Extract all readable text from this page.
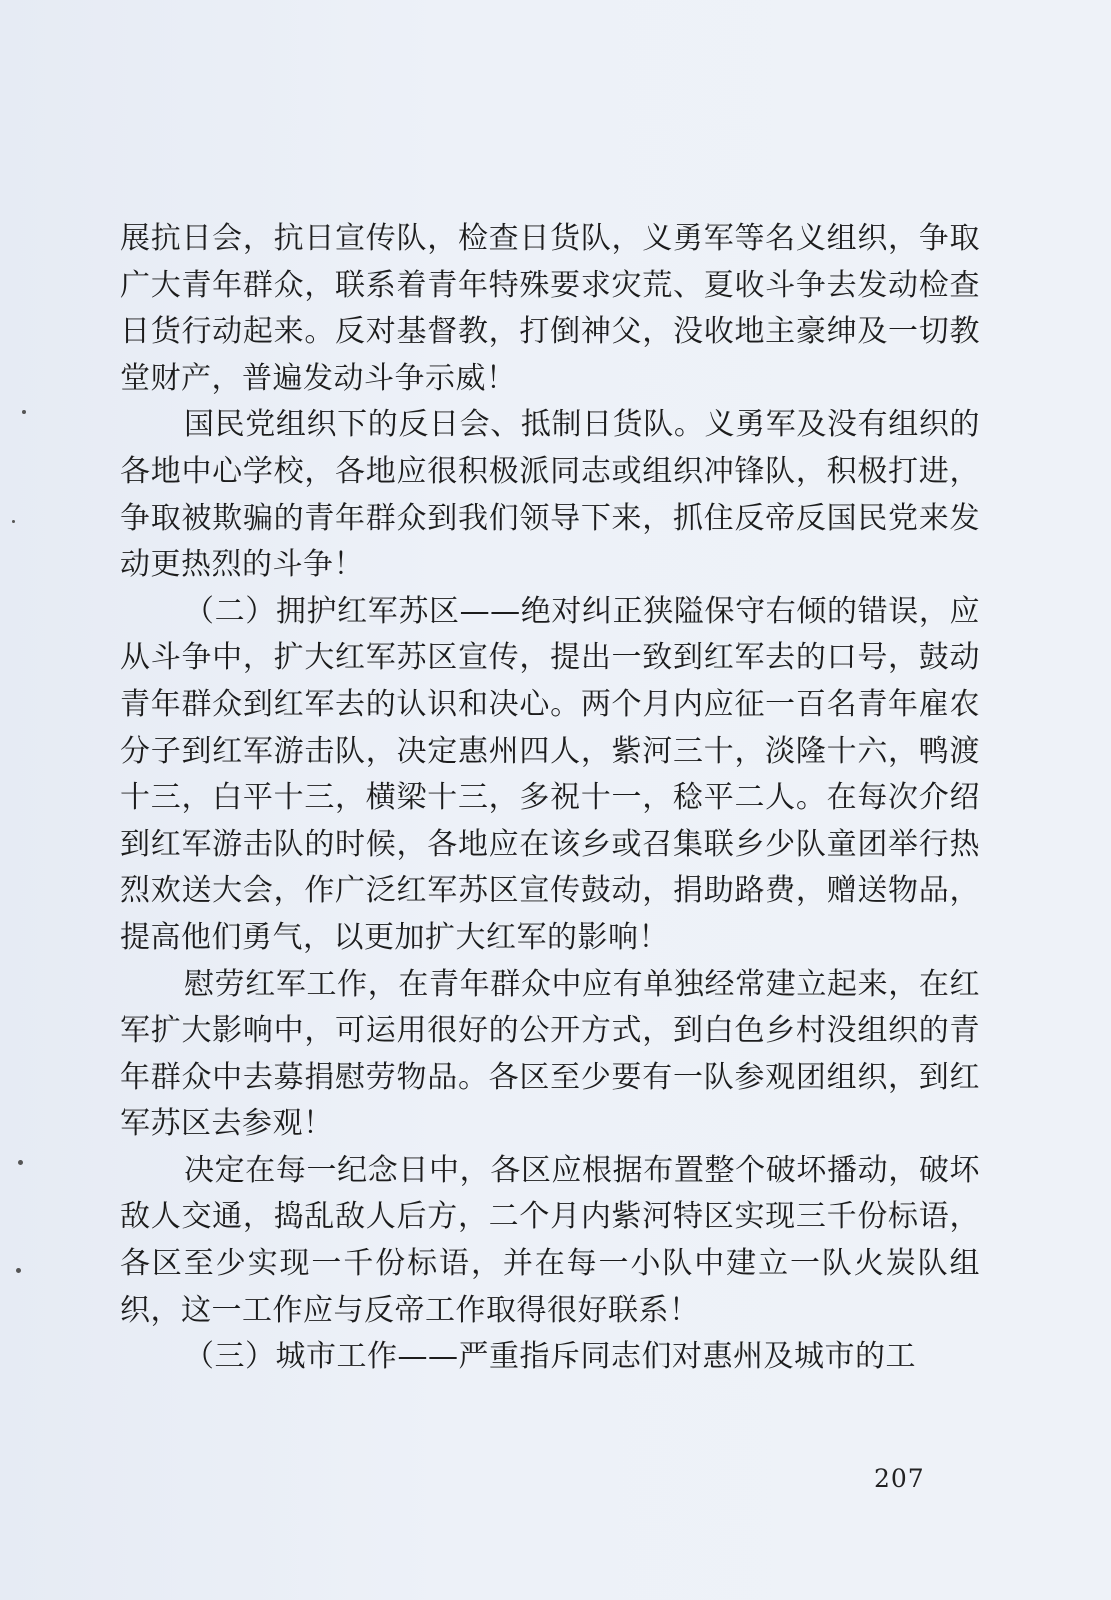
展抗日会，抗日宣传队，检查日货队，义勇军等名义组织，争取广大青年群众，联系着青年特殊要求灾荒、夏收斗争去发动检查日货行动起来。反对基督教，打倒神父，没收地主豪绅及一切教堂财产，普遍发动斗争示威！

国民党组织下的反日会、抵制日货队。义勇军及没有组织的各地中心学校，各地应很积极派同志或组织冲锋队，积极打进，争取被欺骗的青年群众到我们领导下来，抓住反帝反国民党来发动更热烈的斗争！

（二）拥护红军苏区——绝对纠正狭隘保守右倾的错误，应从斗争中，扩大红军苏区宣传，提出一致到红军去的口号，鼓动青年群众到红军去的认识和决心。两个月内应征一百名青年雇农分子到红军游击队，决定惠州四人，紫河三十，淡隆十六，鸭渡十三，白平十三，横梁十三，多祝十一，稔平二人。在每次介绍到红军游击队的时候，各地应在该乡或召集联乡少队童团举行热烈欢送大会，作广泛红军苏区宣传鼓动，捐助路费，赠送物品，提高他们勇气，以更加扩大红军的影响！

慰劳红军工作，在青年群众中应有单独经常建立起来，在红军扩大影响中，可运用很好的公开方式，到白色乡村没组织的青年群众中去募捐慰劳物品。各区至少要有一队参观团组织，到红军苏区去参观！

决定在每一纪念日中，各区应根据布置整个破坏播动，破坏敌人交通，捣乱敌人后方，二个月内紫河特区实现三千份标语，各区至少实现一千份标语，并在每一小队中建立一队火炭队组织，这一工作应与反帝工作取得很好联系！

（三）城市工作——严重指斥同志们对惠州及城市的工

207
